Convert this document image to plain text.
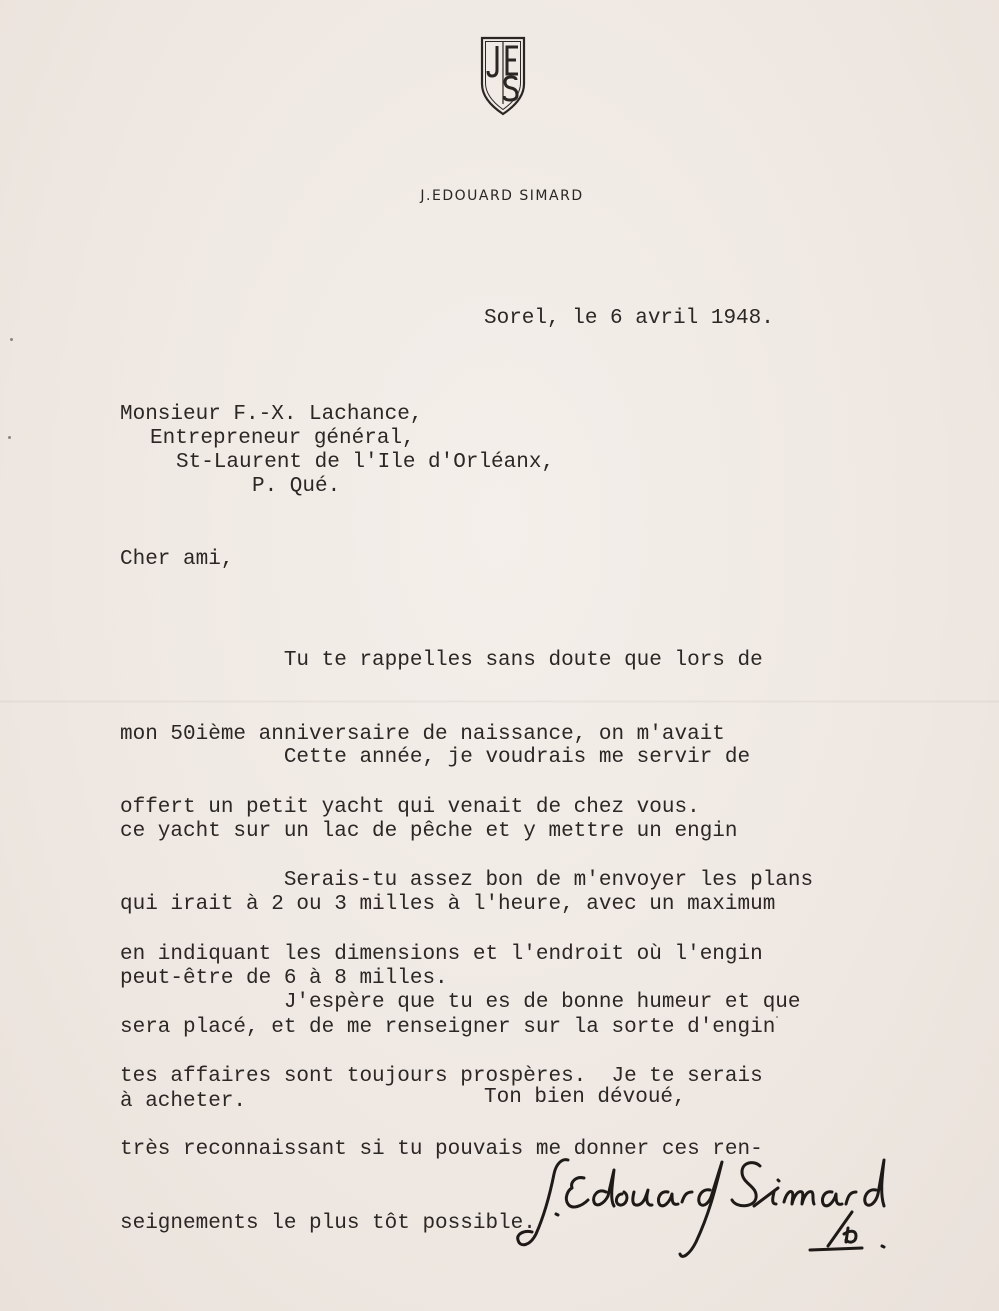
J.EDOUARD SIMARD
Sorel, le 6 avril 1948.
Monsieur F.-X. Lachance,
Entrepreneur général,
St-Laurent de l'Ile d'Orléanx,
P. Qué.
Cher ami,

Tu te rappelles sans doute que lors de

mon 50ième anniversaire de naissance, on m'avait

offert un petit yacht qui venait de chez vous.

Cette année, je voudrais me servir de

ce yacht sur un lac de pêche et y mettre un engin

qui irait à 2 ou 3 milles à l'heure, avec un maximum

peut-être de 6 à 8 milles.

Serais-tu assez bon de m'envoyer les plans

en indiquant les dimensions et l'endroit où l'engin

sera placé, et de me renseigner sur la sorte d'engin

à acheter.

J'espère que tu es de bonne humeur et que

tes affaires sont toujours prospères.  Je te serais

très reconnaissant si tu pouvais me donner ces ren-

seignements le plus tôt possible.

Ton bien dévoué,
